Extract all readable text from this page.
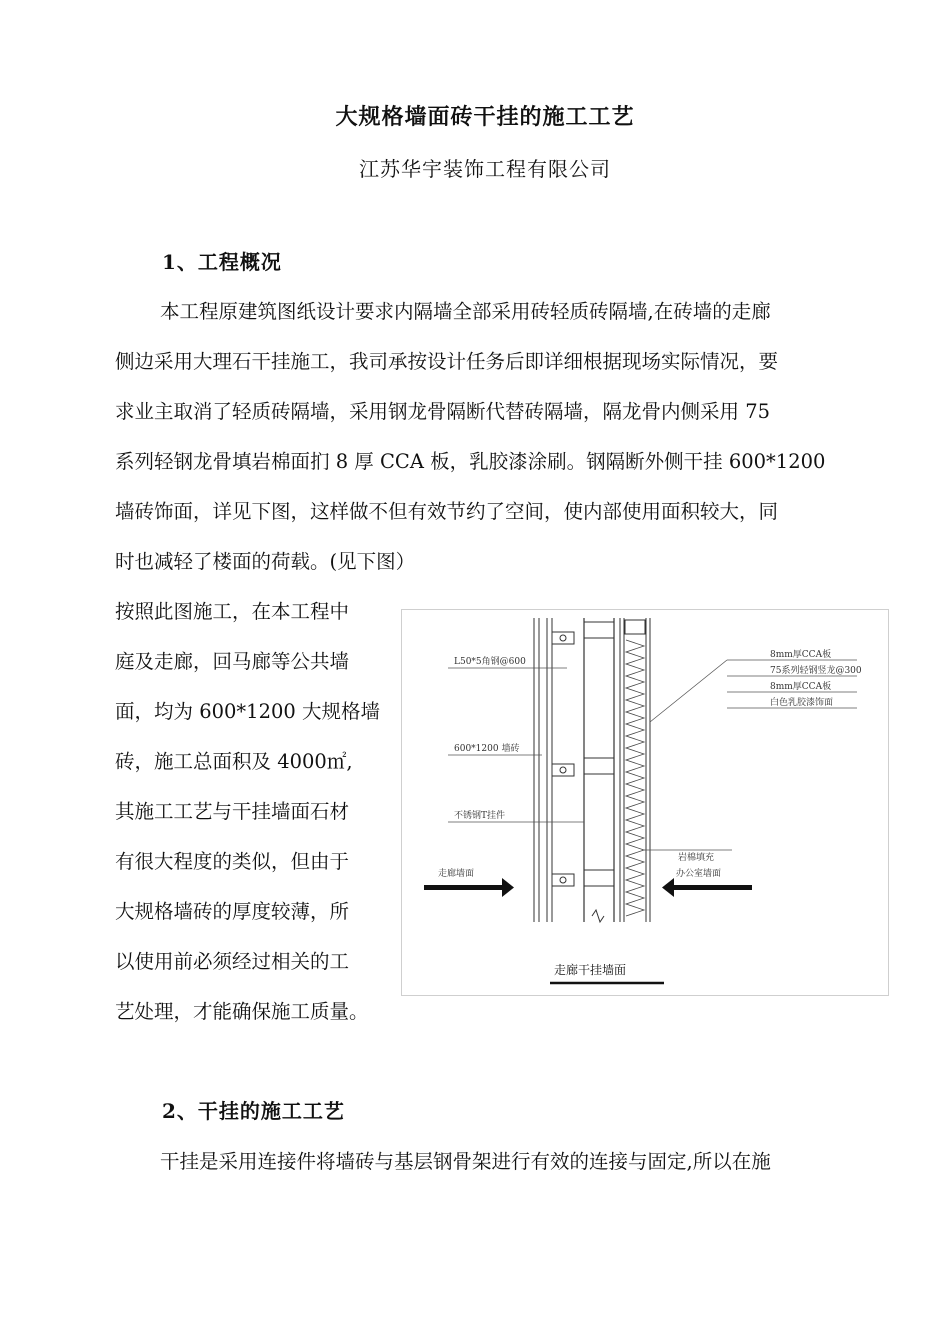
大规格墙面砖干挂的施工工艺
江苏华宇装饰工程有限公司
1、工程概况
本工程原建筑图纸设计要求内隔墙全部采用砖轻质砖隔墙,在砖墙的走廊
侧边采用大理石干挂施工，我司承按设计任务后即详细根据现场实际情况，要
求业主取消了轻质砖隔墙，采用钢龙骨隔断代替砖隔墙，隔龙骨内侧采用 75
系列轻钢龙骨填岩棉面扪 8 厚 CCA 板，乳胶漆涂刷。钢隔断外侧干挂 600*1200
墙砖饰面，详见下图，这样做不但有效节约了空间，使内部使用面积较大，同
时也减轻了楼面的荷载。(见下图）
按照此图施工，在本工程中
庭及走廊，回马廊等公共墙
面，均为 600*1200 大规格墙
砖，施工总面积及 4000㎡,
其施工工艺与干挂墙面石材
有很大程度的类似，但由于
大规格墙砖的厚度较薄，所
以使用前必须经过相关的工
艺处理，才能确保施工质量。
L50*5角钢@600
600*1200 墙砖
不锈钢T挂件
走廊墙面
8mm厚CCA板
75系列轻钢竖龙@300
8mm厚CCA板
白色乳胶漆饰面
岩棉填充
办公室墙面
走廊干挂墙面
2、干挂的施工工艺
干挂是采用连接件将墙砖与基层钢骨架进行有效的连接与固定,所以在施
